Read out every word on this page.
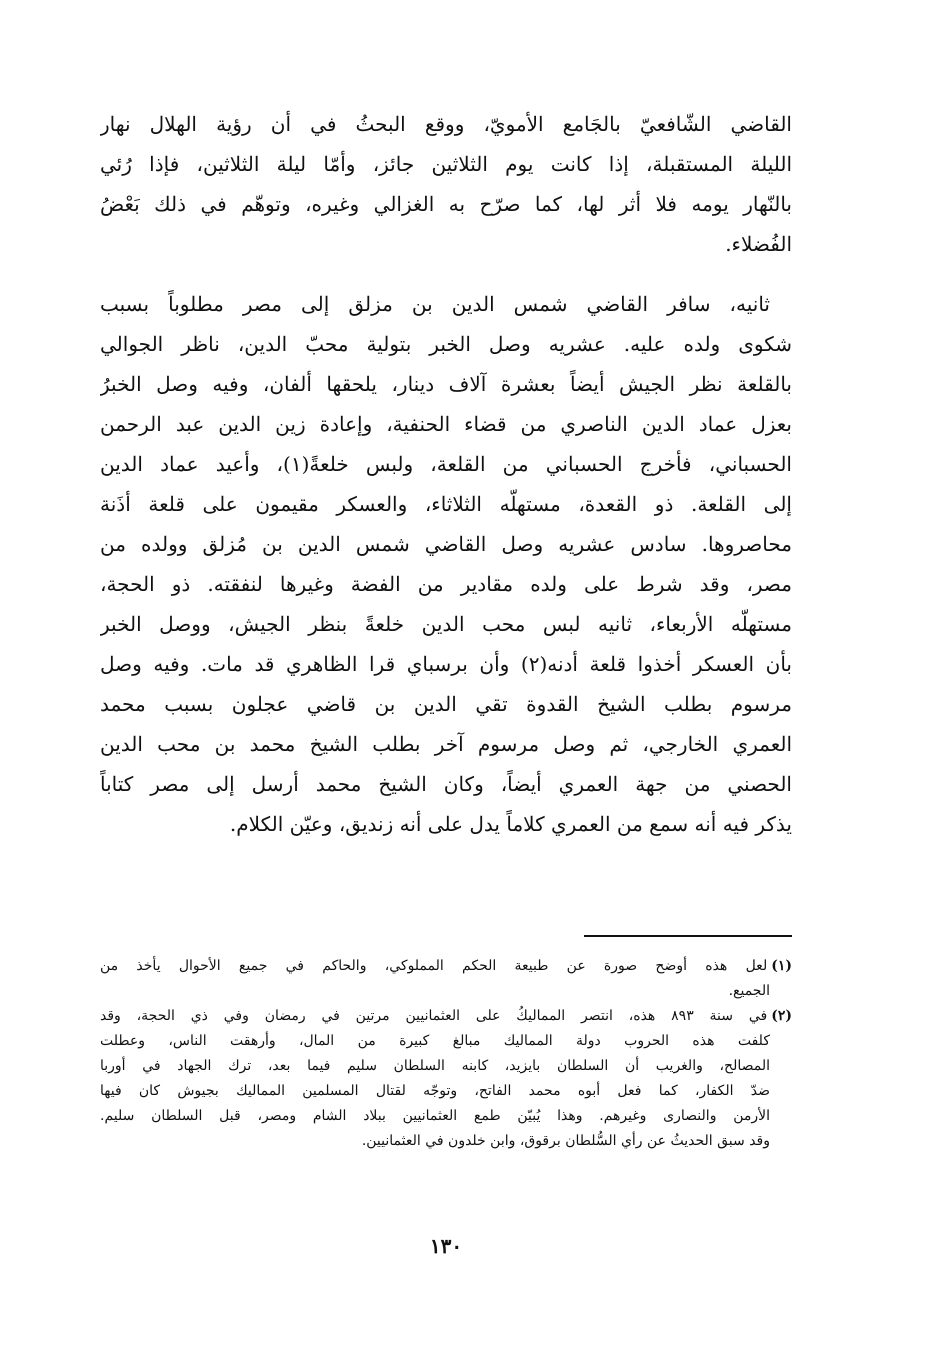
القاضي الشّافعيّ بالجَامع الأمويّ، ووقع البحثُ في أن رؤية الهلال نهار
الليلة المستقبلة، إذا كانت يوم الثلاثين جائز، وأمّا ليلة الثلاثين، فإذا رُئي
بالنّهار يومه فلا أثر لها، كما صرّح به الغزالي وغيره، وتوهّم في ذلك بَعْضُ
الفُضلاء.

ثانيه، سافر القاضي شمس الدين بن مزلق إلى مصر مطلوباً بسبب
شكوى ولده عليه. عشريه وصل الخبر بتولية محبّ الدين، ناظر الجوالي
بالقلعة نظر الجيش أيضاً بعشرة آلاف دينار، يلحقها ألفان، وفيه وصل الخبرُ
بعزل عماد الدين الناصري من قضاء الحنفية، وإعادة زين الدين عبد الرحمن
الحسباني، فأخرج الحسباني من القلعة، ولبس خلعةً(١)، وأعيد عماد الدين
إلى القلعة. ذو القعدة، مستهلّه الثلاثاء، والعسكر مقيمون على قلعة أذَنة
محاصروها. سادس عشريه وصل القاضي شمس الدين بن مُزلق وولده من
مصر، وقد شرط على ولده مقادير من الفضة وغيرها لنفقته. ذو الحجة،
مستهلّه الأربعاء، ثانيه لبس محب الدين خلعةً بنظر الجيش، ووصل الخبر
بأن العسكر أخذوا قلعة أدنه(٢) وأن برسباي قرا الظاهري قد مات. وفيه وصل
مرسوم بطلب الشيخ القدوة تقي الدين بن قاضي عجلون بسبب محمد
العمري الخارجي، ثم وصل مرسوم آخر بطلب الشيخ محمد بن محب الدين
الحصني من جهة العمري أيضاً، وكان الشيخ محمد أرسل إلى مصر كتاباً
يذكر فيه أنه سمع من العمري كلاماً يدل على أنه زنديق، وعيّن الكلام.

(١)لعل هذه أوضح صورة عن طبيعة الحكم المملوكي، والحاكم في جميع الأحوال يأخذ من
الجميع.
(٢)في سنة ٨٩٣ هذه، انتصر المماليكُ على العثمانيين مرتين في رمضان وفي ذي الحجة، وقد
كلفت هذه الحروب دولة المماليك مبالغ كبيرة من المال، وأرهقت الناس، وعطلت
المصالح، والغريب أن السلطان بايزيد، كابنه السلطان سليم فيما بعد، ترك الجهاد في أوربا
ضدّ الكفار، كما فعل أبوه محمد الفاتح، وتوجّه لقتال المسلمين المماليك بجيوش كان فيها
الأرمن والنصارى وغيرهم. وهذا يُبيّن طمع العثمانيين ببلاد الشام ومصر، قبل السلطان سليم.
وقد سبق الحديثُ عن رأي السُّلطان برقوق، وابن خلدون في العثمانيين.
١٣٠
